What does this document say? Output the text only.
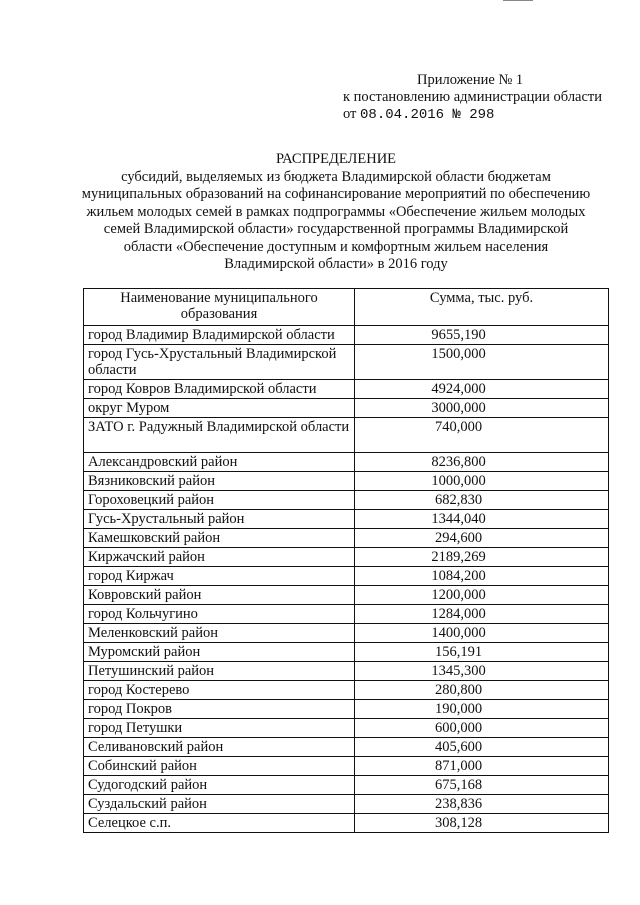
Приложение № 1
к постановлению администрации области
от 08.04.2016 № 298
РАСПРЕДЕЛЕНИЕ
субсидий, выделяемых из бюджета Владимирской области бюджетам
муниципальных образований на софинансирование мероприятий по обеспечению
жильем молодых семей в рамках подпрограммы «Обеспечение жильем молодых
семей Владимирской области» государственной программы Владимирской
области «Обеспечение доступным и комфортным жильем населения
Владимирской области» в 2016 году
Наименование муниципального образования	Сумма, тыс. руб.
город Владимир Владимирской области	9655,190
город Гусь-Хрустальный Владимирской области	1500,000
город Ковров Владимирской области	4924,000
округ Муром	3000,000
ЗАТО г. Радужный Владимирской области	740,000
Александровский район	8236,800
Вязниковский район	1000,000
Гороховецкий район	682,830
Гусь-Хрустальный район	1344,040
Камешковский район	294,600
Киржачский район	2189,269
город Киржач	1084,200
Ковровский район	1200,000
город Кольчугино	1284,000
Меленковский район	1400,000
Муромский район	156,191
Петушинский район	1345,300
город Костерево	280,800
город Покров	190,000
город Петушки	600,000
Селивановский район	405,600
Собинский район	871,000
Судогодский район	675,168
Суздальский район	238,836
Селецкое с.п.	308,128
